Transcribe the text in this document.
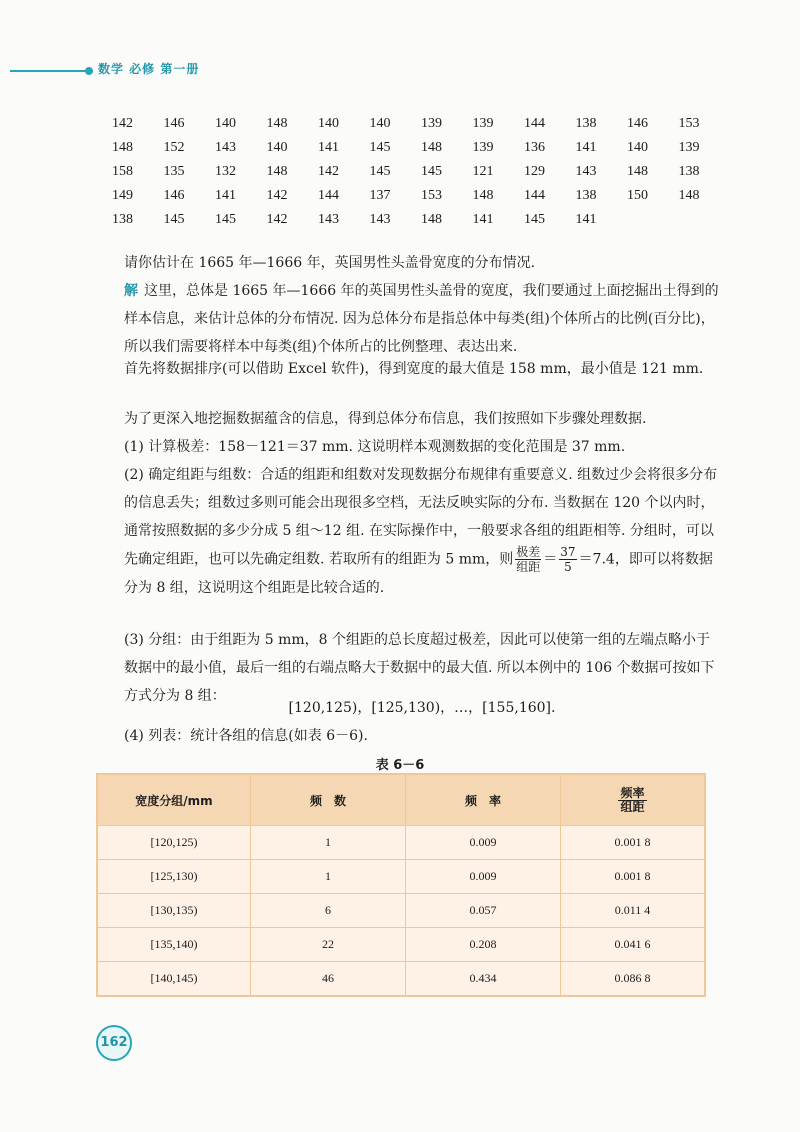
数学 必修 第一册
142	146	140	148	140	140	139	139	144	138	146	153
148	152	143	140	141	145	148	139	136	141	140	139
158	135	132	148	142	145	145	121	129	143	148	138
149	146	141	142	144	137	153	148	144	138	150	148
138	145	145	142	143	143	148	141	145	141
请你估计在 1665 年—1666 年，英国男性头盖骨宽度的分布情况.
解 这里，总体是 1665 年—1666 年的英国男性头盖骨的宽度，我们要通过上面挖掘出土得到的样本信息，来估计总体的分布情况. 因为总体分布是指总体中每类(组)个体所占的比例(百分比)，所以我们需要将样本中每类(组)个体所占的比例整理、表达出来.
首先将数据排序(可以借助 Excel 软件)，得到宽度的最大值是 158 mm，最小值是 121 mm.
为了更深入地挖掘数据蕴含的信息，得到总体分布信息，我们按照如下步骤处理数据.
(1) 计算极差：158－121＝37 mm. 这说明样本观测数据的变化范围是 37 mm.
(2) 确定组距与组数：合适的组距和组数对发现数据分布规律有重要意义. 组数过少会将很多分布的信息丢失；组数过多则可能会出现很多空档，无法反映实际的分布. 当数据在 120 个以内时，通常按照数据的多少分成 5 组～12 组. 在实际操作中，一般要求各组的组距相等. 分组时，可以先确定组距，也可以先确定组数. 若取所有的组距为 5 mm，则 $\frac{\text{极差}}{\text{组距}} = \frac{37}{5} =7.4$，即可以将数据分为 8 组，这说明这个组距是比较合适的.
(3) 分组：由于组距为 5 mm，8 个组距的总长度超过极差，因此可以使第一组的左端点略小于数据中的最小值，最后一组的右端点略大于数据中的最大值. 所以本例中的 106 个数据可按如下方式分为 8 组：
[120,125)，[125,130)，…，[155,160].
(4) 列表：统计各组的信息(如表 6－6).
表 6－6
宽度分组/mm	频　数	频　率	频率
组距

[120,125)	1	0.009	0.001 8
[125,130)	1	0.009	0.001 8
[130,135)	6	0.057	0.011 4
[135,140)	22	0.208	0.041 6
[140,145)	46	0.434	0.086 8
162
